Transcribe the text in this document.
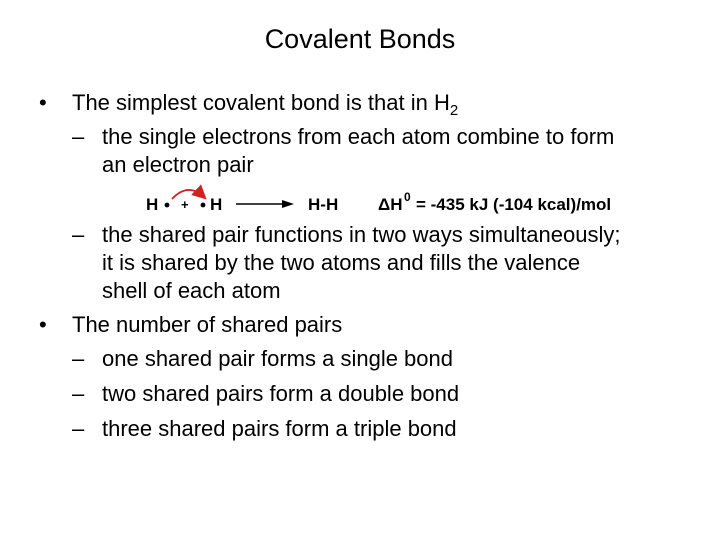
Covalent Bonds
• The simplest covalent bond is that in $H_2$
– the single electrons from each atom combine to form
an electron pair
H + H	H-H ΔH 0 = -435 kJ (-104 kcal)/mol
– the shared pair functions in two ways simultaneously;
it is shared by the two atoms and fills the valence
shell of each atom
• The number of shared pairs
– one shared pair forms a single bond
– two shared pairs form a double bond
– three shared pairs form a triple bond
